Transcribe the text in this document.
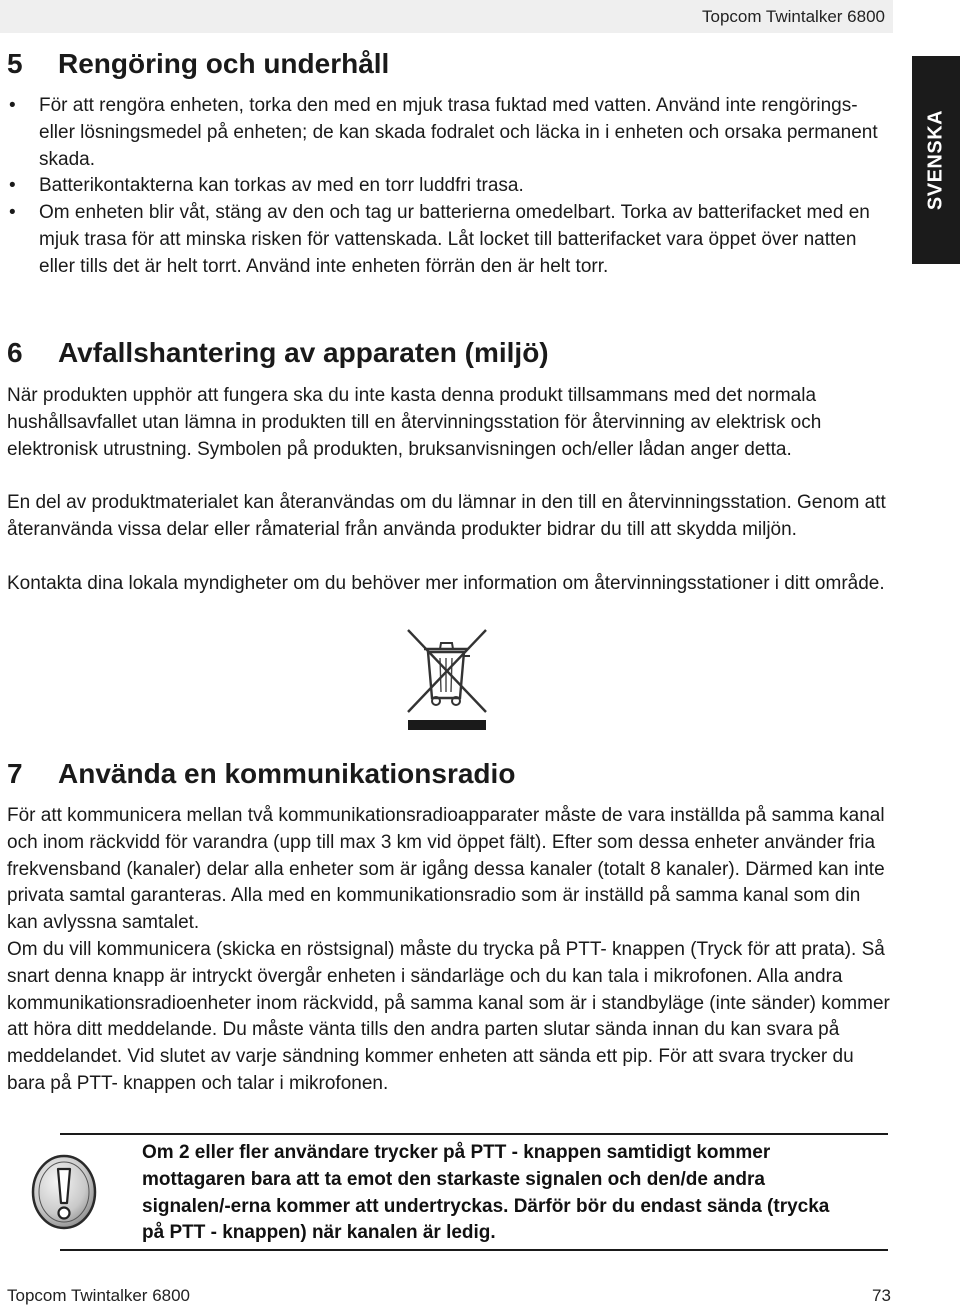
Topcom Twintalker 6800
SVENSKA
5 Rengöring och underhåll
• För att rengöra enheten, torka den med en mjuk trasa fuktad med vatten. Använd inte rengörings- eller lösningsmedel på enheten; de kan skada fodralet och läcka in i enheten och orsaka permanent skada.
• Batterikontakterna kan torkas av med en torr luddfri trasa.
• Om enheten blir våt, stäng av den och tag ur batterierna omedelbart. Torka av batterifacket med en mjuk trasa för att minska risken för vattenskada. Låt locket till batterifacket vara öppet över natten eller tills det är helt torrt. Använd inte enheten förrän den är helt torr.
6 Avfallshantering av apparaten (miljö)

När produkten upphör att fungera ska du inte kasta denna produkt tillsammans med det normala hushållsavfallet utan lämna in produkten till en återvinningsstation för återvinning av elektrisk och elektronisk utrustning. Symbolen på produkten, bruksanvisningen och/eller lådan anger detta.

En del av produktmaterialet kan återanvändas om du lämnar in den till en återvinningsstation. Genom att återanvända vissa delar eller råmaterial från använda produkter bidrar du till att skydda miljön.

Kontakta dina lokala myndigheter om du behöver mer information om återvinningsstationer i ditt område.

7 Använda en kommunikationsradio

För att kommunicera mellan två kommunikationsradioapparater måste de vara inställda på samma kanal och inom räckvidd för varandra (upp till max 3 km vid öppet fält). Efter som dessa enheter använder fria frekvensband (kanaler) delar alla enheter som är igång dessa kanaler (totalt 8 kanaler). Därmed kan inte privata samtal garanteras. Alla med en kommunikationsradio som är inställd på samma kanal som din kan avlyssna samtalet.

Om du vill kommunicera (skicka en röstsignal) måste du trycka på PTT- knappen (Tryck för att prata). Så snart denna knapp är intryckt övergår enheten i sändarläge och du kan tala i mikrofonen. Alla andra kommunikationsradioenheter inom räckvidd, på samma kanal som är i standbyläge (inte sänder) kommer att höra ditt meddelande. Du måste vänta tills den andra parten slutar sända innan du kan svara på meddelandet. Vid slutet av varje sändning kommer enheten att sända ett pip. För att svara trycker du bara på PTT- knappen och talar i mikrofonen.

Om 2 eller fler användare trycker på PTT - knappen samtidigt kommer mottagaren bara att ta emot den starkaste signalen och den/de andra signalen/-erna kommer att undertryckas. Därför bör du endast sända (trycka på PTT - knappen) när kanalen är ledig.

Topcom Twintalker 6800	73
